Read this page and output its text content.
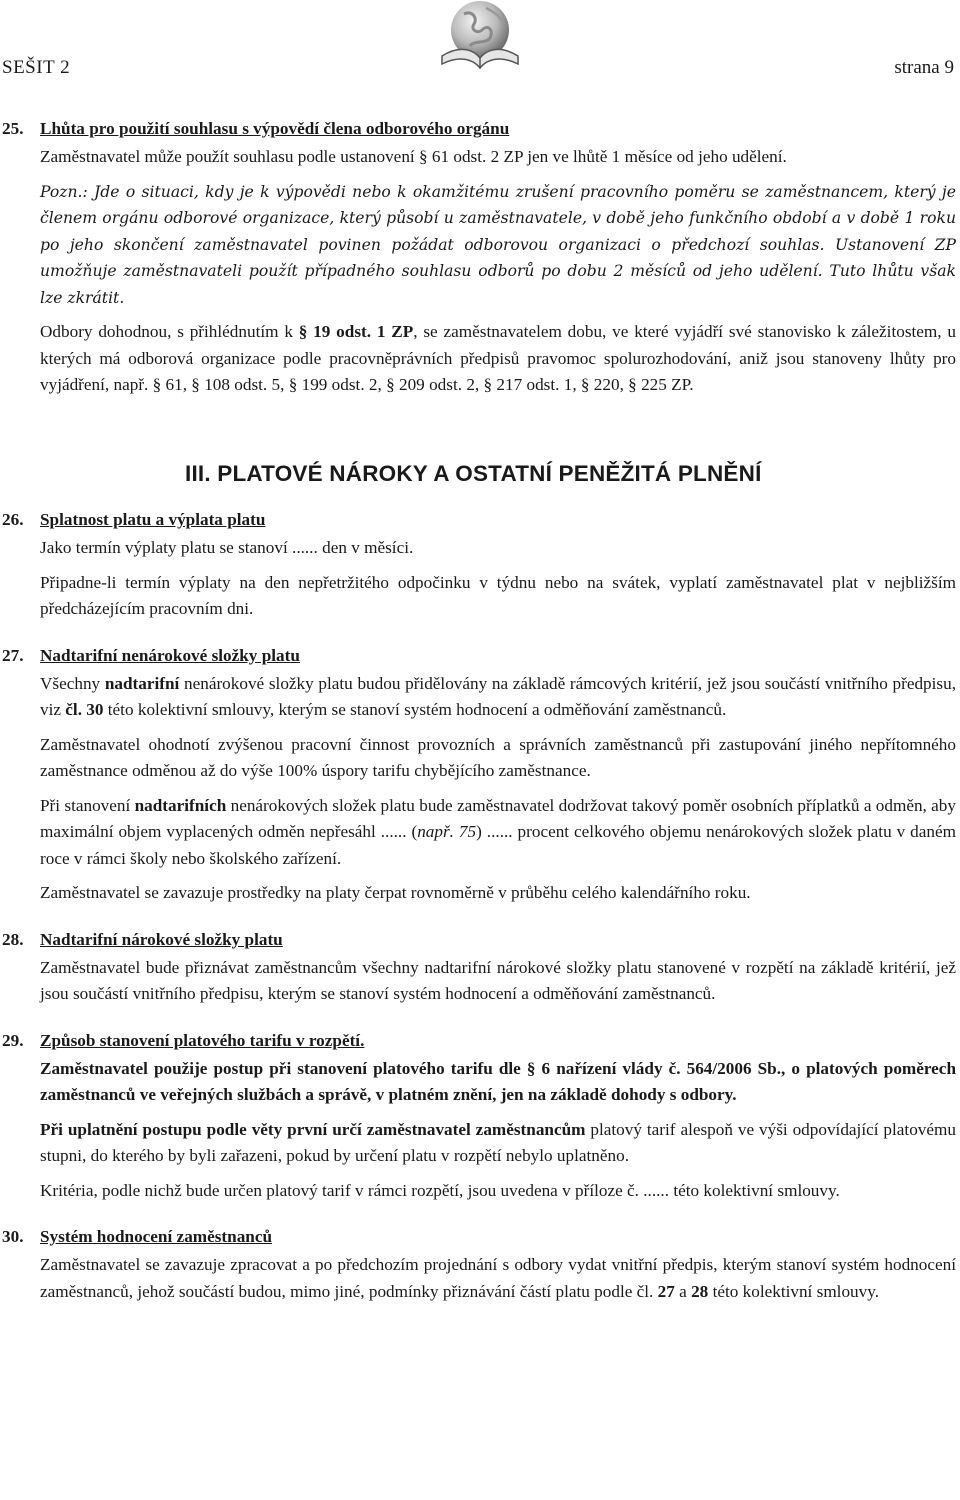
SEŠIT 2	strana 9
25. Lhůta pro použití souhlasu s výpovědí člena odborového orgánu

Zaměstnavatel může použít souhlasu podle ustanovení § 61 odst. 2 ZP jen ve lhůtě 1 měsíce od jeho udělení.

Pozn.: Jde o situaci, kdy je k výpovědi nebo k okamžitému zrušení pracovního poměru se zaměstnancem, který je členem orgánu odborové organizace, který působí u zaměstnavatele, v době jeho funkčního období a v době 1 roku po jeho skončení zaměstnavatel povinen požádat odborovou organizaci o předchozí souhlas. Ustanovení ZP umožňuje zaměstnavateli použít případného souhlasu odborů po dobu 2 měsíců od jeho udělení. Tuto lhůtu však lze zkrátit.

Odbory dohodnou, s přihlédnutím k § 19 odst. 1 ZP, se zaměstnavatelem dobu, ve které vyjádří své stanovisko k záležitostem, u kterých má odborová organizace podle pracovněprávních předpisů pravomoc spolurozhodování, aniž jsou stanoveny lhůty pro vyjádření, např. § 61, § 108 odst. 5, § 199 odst. 2, § 209 odst. 2, § 217 odst. 1, § 220, § 225 ZP.

III. PLATOVÉ NÁROKY A OSTATNÍ PENĚŽITÁ PLNĚNÍ
26. Splatnost platu a výplata platu

Jako termín výplaty platu se stanoví ...... den v měsíci.

Připadne-li termín výplaty na den nepřetržitého odpočinku v týdnu nebo na svátek, vyplatí zaměstnavatel plat v nejbližším předcházejícím pracovním dni.

27. Nadtarifní nenárokové složky platu

Všechny nadtarifní nenárokové složky platu budou přidělovány na základě rámcových kritérií, jež jsou součástí vnitřního předpisu, viz čl. 30 této kolektivní smlouvy, kterým se stanoví systém hodnocení a odměňování zaměstnanců.

Zaměstnavatel ohodnotí zvýšenou pracovní činnost provozních a správních zaměstnanců při zastupování jiného nepřítomného zaměstnance odměnou až do výše 100% úspory tarifu chybějícího zaměstnance.

Při stanovení nadtarifních nenárokových složek platu bude zaměstnavatel dodržovat takový poměr osobních příplatků a odměn, aby maximální objem vyplacených odměn nepřesáhl ...... (např. 75) ...... procent celkového objemu nenárokových složek platu v daném roce v rámci školy nebo školského zařízení.

Zaměstnavatel se zavazuje prostředky na platy čerpat rovnoměrně v průběhu celého kalendářního roku.

28. Nadtarifní nárokové složky platu

Zaměstnavatel bude přiznávat zaměstnancům všechny nadtarifní nárokové složky platu stanovené v rozpětí na základě kritérií, jež jsou součástí vnitřního předpisu, kterým se stanoví systém hodnocení a odměňování zaměstnanců.

29. Způsob stanovení platového tarifu v rozpětí.

Zaměstnavatel použije postup při stanovení platového tarifu dle § 6 nařízení vlády č. 564/2006 Sb., o platových poměrech zaměstnanců ve veřejných službách a správě, v platném znění, jen na základě dohody s odbory.

Při uplatnění postupu podle věty první určí zaměstnavatel zaměstnancům platový tarif alespoň ve výši odpovídající platovému stupni, do kterého by byli zařazeni, pokud by určení platu v rozpětí nebylo uplatněno.

Kritéria, podle nichž bude určen platový tarif v rámci rozpětí, jsou uvedena v příloze č. ...... této kolektivní smlouvy.

30. Systém hodnocení zaměstnanců

Zaměstnavatel se zavazuje zpracovat a po předchozím projednání s odbory vydat vnitřní předpis, kterým stanoví systém hodnocení zaměstnanců, jehož součástí budou, mimo jiné, podmínky přiznávání částí platu podle čl. 27 a 28 této kolektivní smlouvy.
